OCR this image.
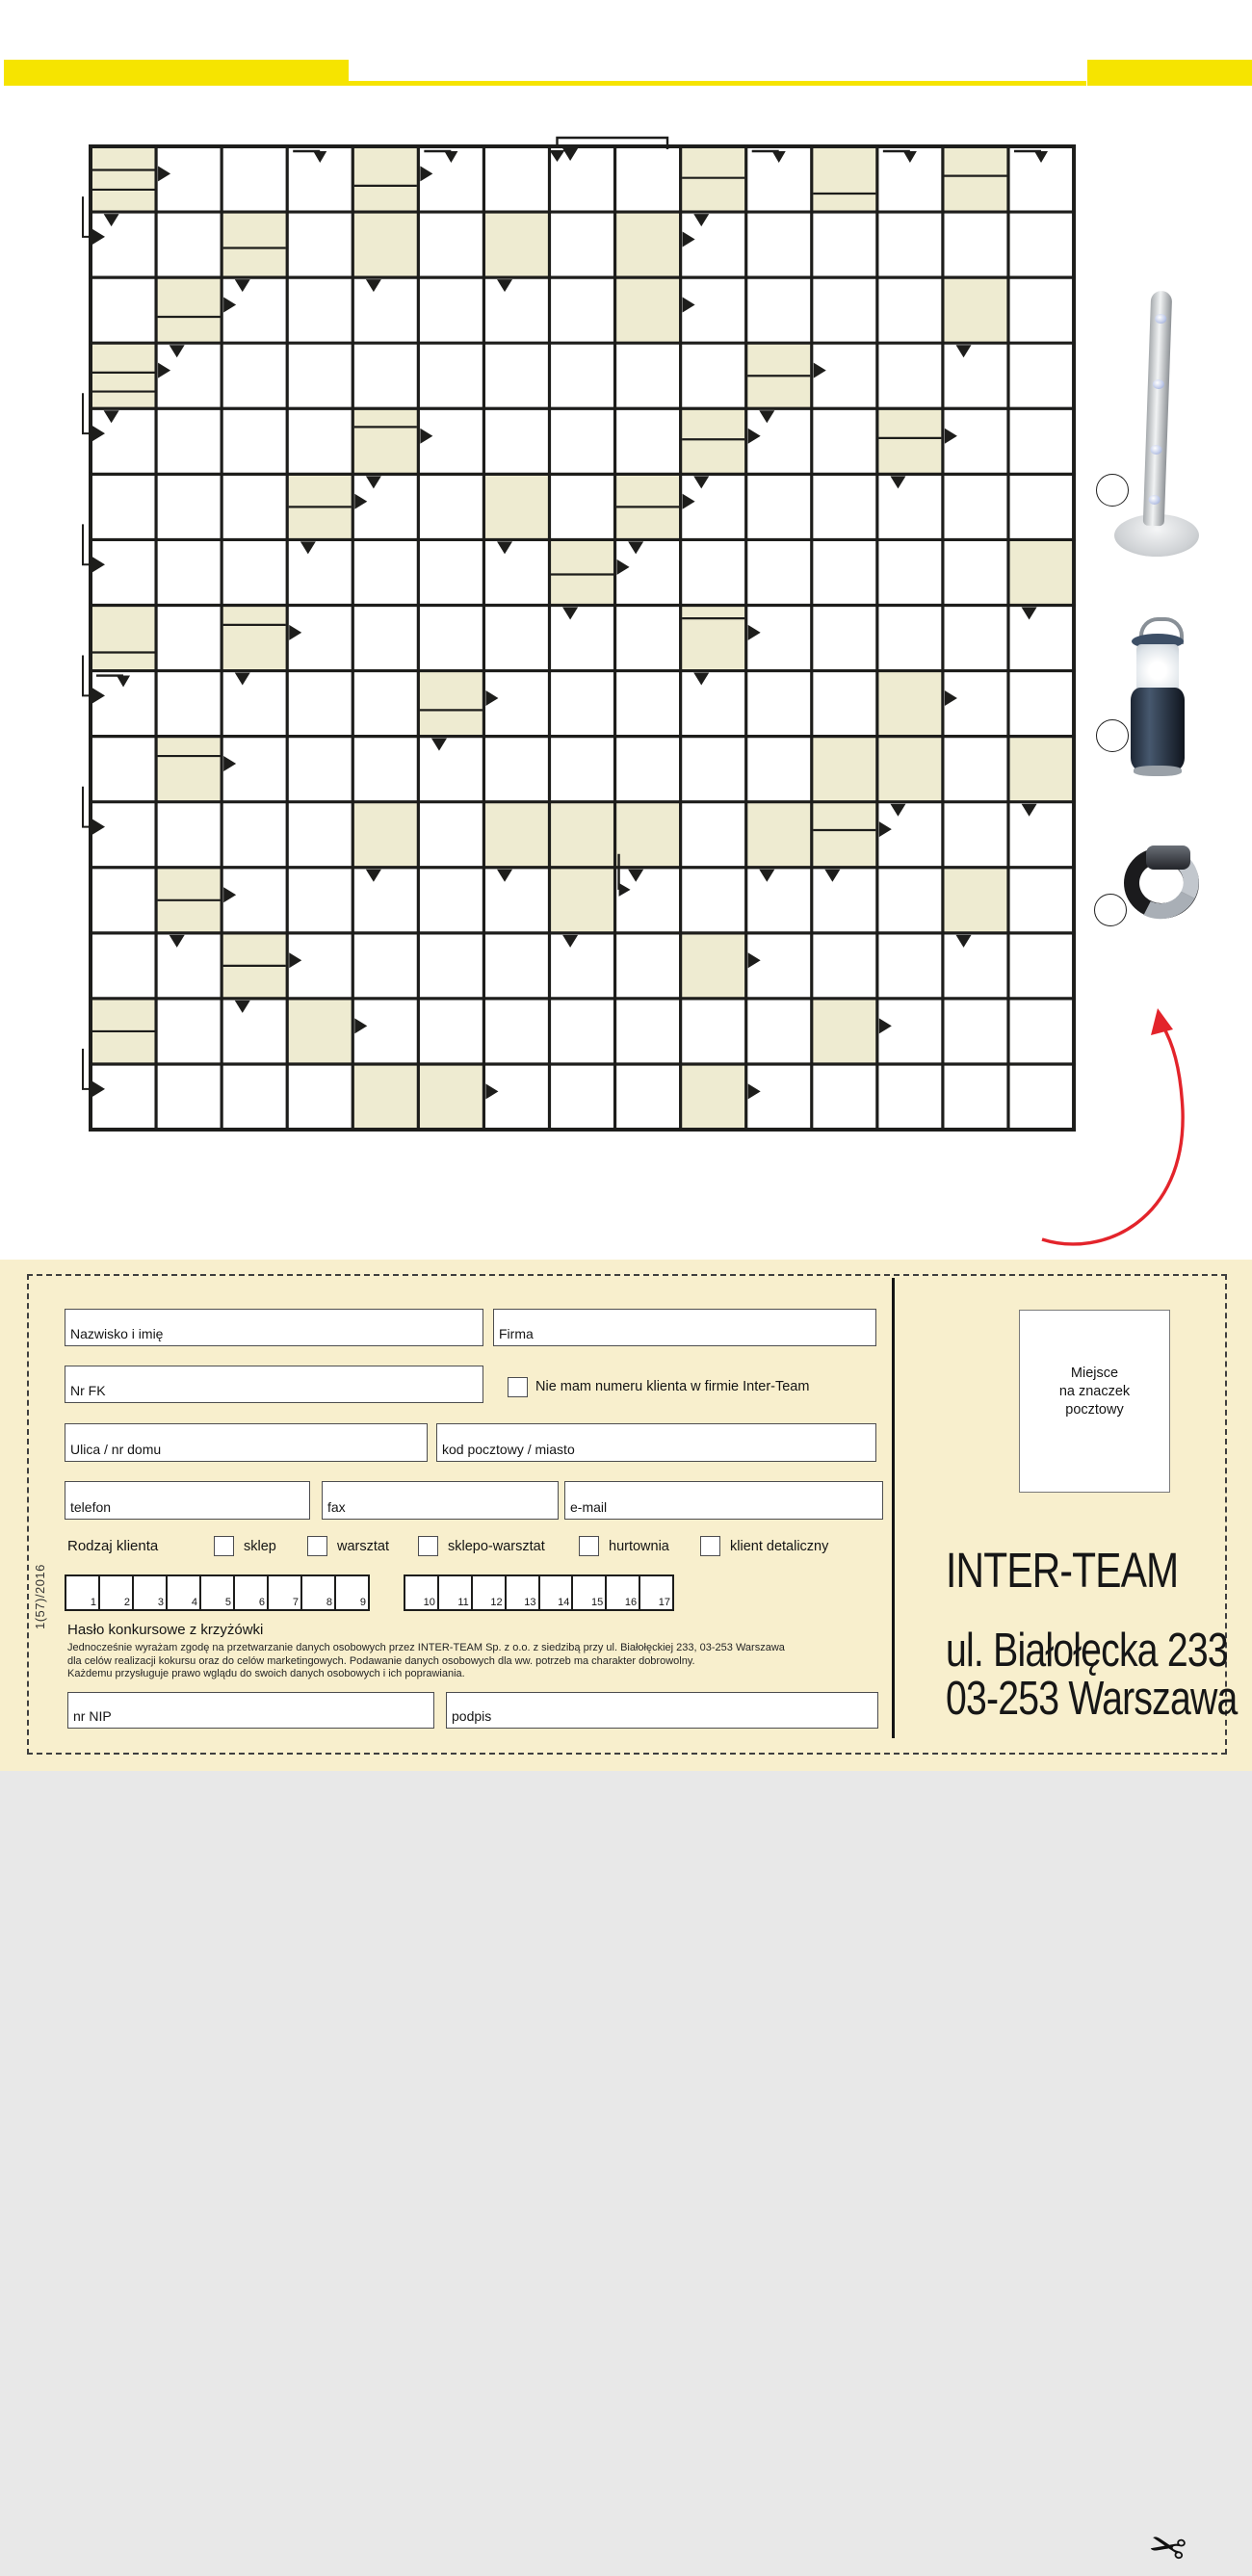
✂
Nazwisko i imię	Firma
Nr FK
Ulica / nr domu	kod pocztowy / miasto
telefon	fax	e-mail
nr NIP	podpis
Nie mam numeru klienta w firmie Inter-Team
Rodzaj klienta	sklep	warsztat	sklepo-warsztat	hurtownia	klient detaliczny
1	2	3	4	5	6	7	8	9	10 11 12 13 14 15 16 17
1(57)/2016
Hasło konkursowe z krzyżówki
Jednocześnie wyrażam zgodę na przetwarzanie danych osobowych przez INTER-TEAM Sp. z o.o. z siedzibą przy ul. Białołęckiej 233, 03-253 Warszawa
dla celów realizacji kokursu oraz do celów marketingowych. Podawanie danych osobowych dla ww. potrzeb ma charakter dobrowolny.
Każdemu przysługuje prawo wglądu do swoich danych osobowych i ich poprawiania.
Miejsce
na znaczek
pocztowy
INTER-TEAM
ul. Białołęcka 233
03-253 Warszawa
